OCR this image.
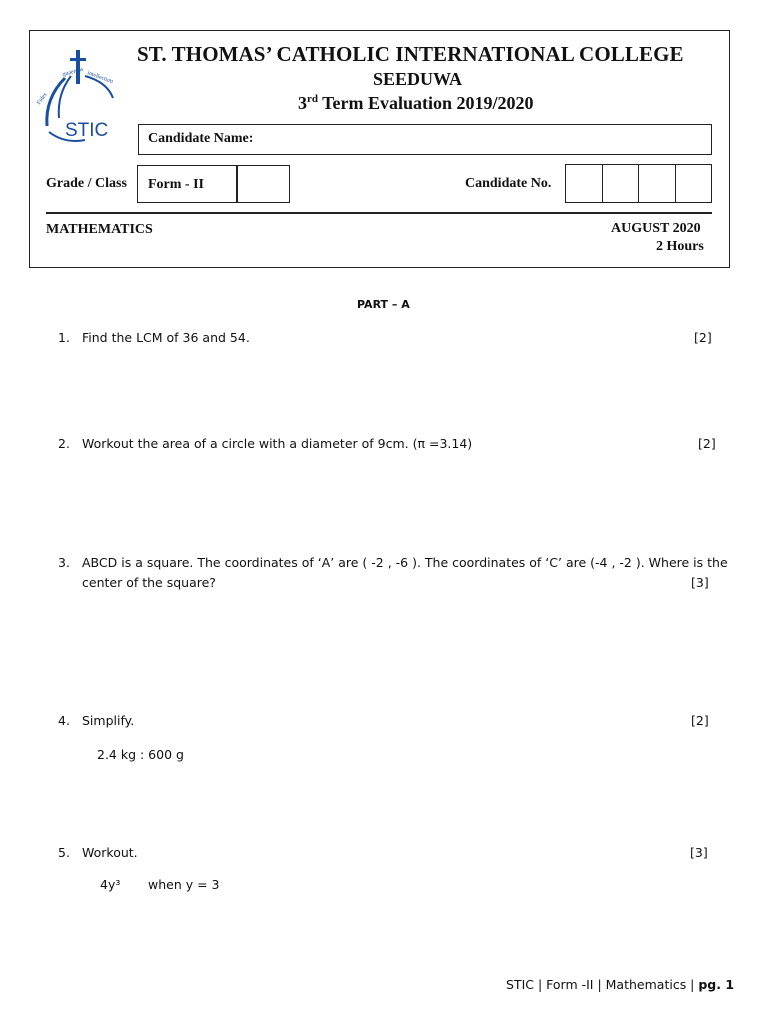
Fides
quaerens intellectum
STIC
ST. THOMAS’ CATHOLIC INTERNATIONAL COLLEGE
SEEDUWA
3rd Term Evaluation 2019/2020
Candidate Name:
Grade / Class Form - II	Candidate No.
MATHEMATICS	AUGUST 2020
2 Hours
PART – A
1. Find the LCM of 36 and 54.	[2]
2. Workout the area of a circle with a diameter of 9cm. (π =3.14)	[2]
3. ABCD is a square. The coordinates of ‘A’ are ( -2 , -6 ). The coordinates of ‘C’ are (-4 , -2 ). Where is the
center of the square?	[3]
4. Simplify.	[2]
2.4 kg : 600 g
5. Workout.	[3]
4y³ when y = 3
STIC | Form -II | Mathematics | pg. 1
